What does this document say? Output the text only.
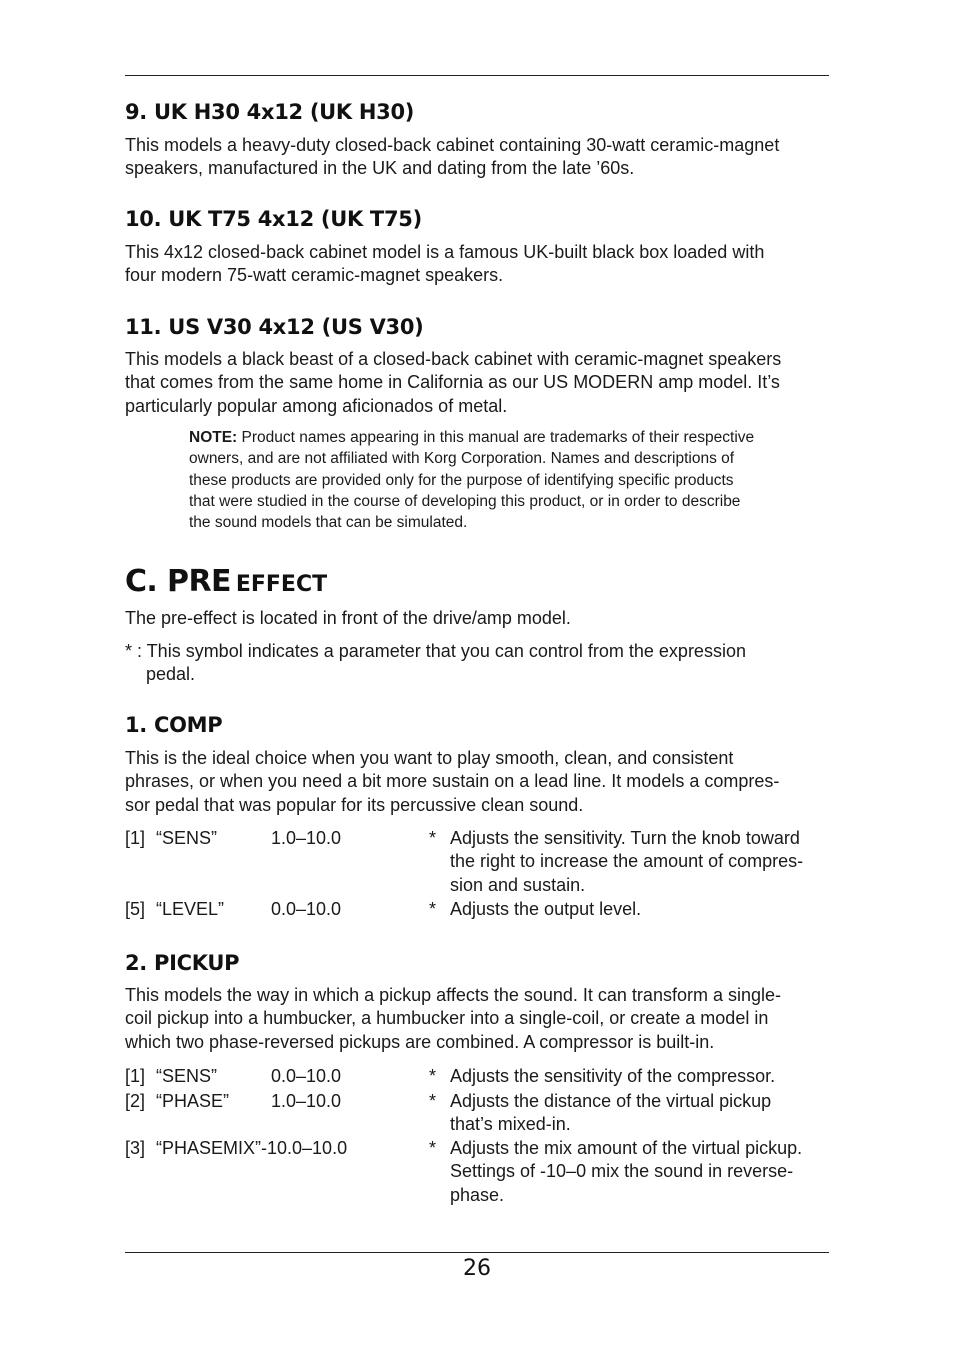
9. UK H30 4x12 (UK H30)
This models a heavy-duty closed-back cabinet containing 30-watt ceramic-magnet
speakers, manufactured in the UK and dating from the late ’60s.
10. UK T75 4x12 (UK T75)
This 4x12 closed-back cabinet model is a famous UK-built black box loaded with
four modern 75-watt ceramic-magnet speakers.
11. US V30 4x12 (US V30)
This models a black beast of a closed-back cabinet with ceramic-magnet speakers
that comes from the same home in California as our US MODERN amp model. It’s
particularly popular among aficionados of metal.
NOTE: Product names appearing in this manual are trademarks of their respective
owners, and are not affiliated with Korg Corporation. Names and descriptions of
these products are provided only for the purpose of identifying specific products
that were studied in the course of developing this product, or in order to describe
the sound models that can be simulated.
C. PRE EFFECT
The pre-effect is located in front of the drive/amp model.
* : This symbol indicates a parameter that you can control from the expression
pedal.
1. COMP
This is the ideal choice when you want to play smooth, clean, and consistent
phrases, or when you need a bit more sustain on a lead line. It models a compres-
sor pedal that was popular for its percussive clean sound.
[1] “SENS”	1.0–10.0	* Adjusts the sensitivity. Turn the knob toward
the right to increase the amount of compres-
sion and sustain.
[5] “LEVEL”	0.0–10.0	* Adjusts the output level.
2. PICKUP
This models the way in which a pickup affects the sound. It can transform a single-
coil pickup into a humbucker, a humbucker into a single-coil, or create a model in
which two phase-reversed pickups are combined. A compressor is built-in.
[1] “SENS”	0.0–10.0	* Adjusts the sensitivity of the compressor.
[2] “PHASE” 1.0–10.0	* Adjusts the distance of the virtual pickup
that’s mixed-in.
[3] “PHASEMIX”-10.0–10.0	* Adjusts the mix amount of the virtual pickup.
Settings of -10–0 mix the sound in reverse-
phase.
26
